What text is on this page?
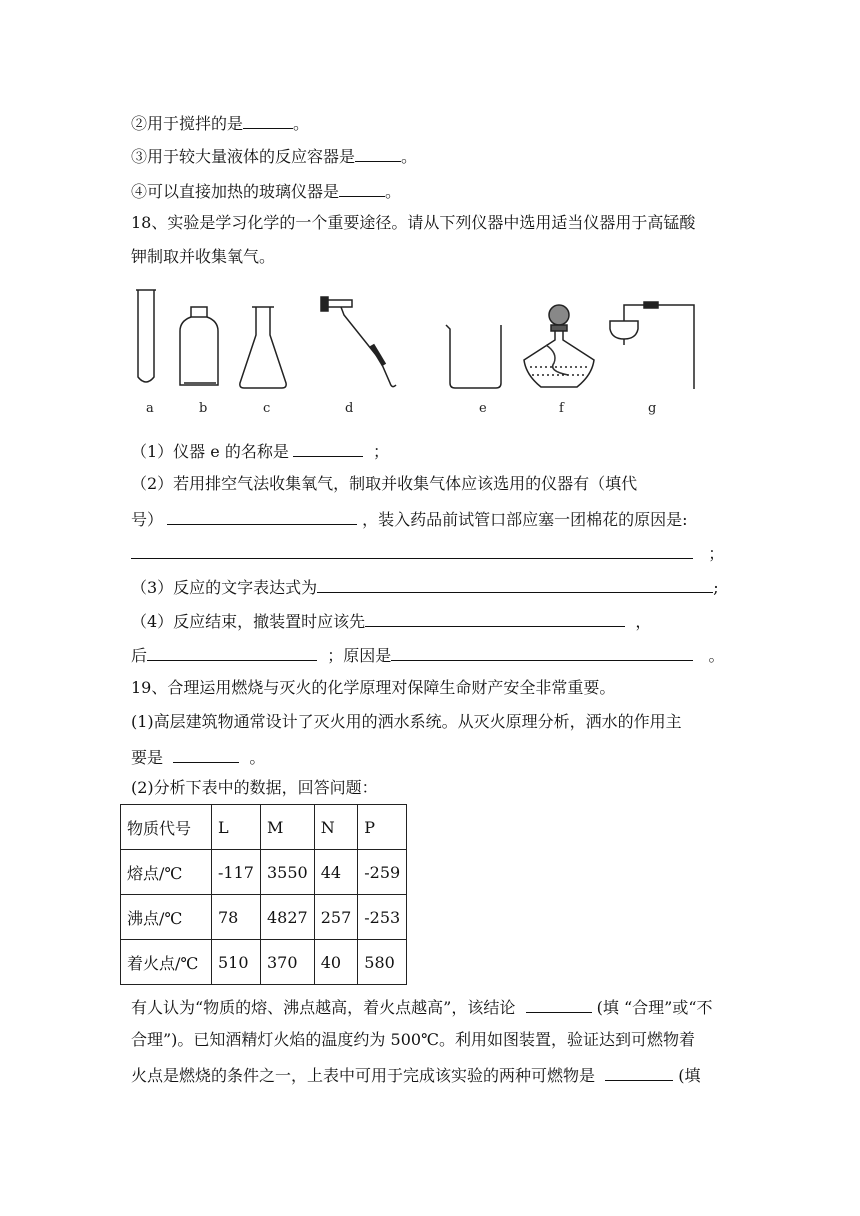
②用于搅拌的是	。
③用于较大量液体的反应容器是	。
④可以直接加热的玻璃仪器是	。
18、实验是学习化学的一个重要途径。请从下列仪器中选用适当仪器用于高锰酸
钾制取并收集氧气。
a	b	c	d	e	f	g
（1）仪器 e 的名称是	；
（2）若用排空气法收集氧气，制取并收集气体应该选用的仪器有（填代
号）	，装入药品前试管口部应塞一团棉花的原因是:
；
（3）反应的文字表达式为	;
（4）反应结束，撤装置时应该先	，
后	；原因是	。
19、合理运用燃烧与灭火的化学原理对保障生命财产安全非常重要。
(1)高层建筑物通常设计了灭火用的洒水系统。从灭火原理分析，洒水的作用主
要是	。
(2)分析下表中的数据，回答问题：
物质代号	L	M	N	P
熔点/℃	-117	3550	44	-259
沸点/℃	78	4827	257	-253
着火点/℃	510	370	40	580
有人认为“物质的熔、沸点越高，着火点越高”，该结论	(填 “合理”或“不
合理”)。已知酒精灯火焰的温度约为 500℃。利用如图装置，验证达到可燃物着
火点是燃烧的条件之一，上表中可用于完成该实验的两种可燃物是	(填
